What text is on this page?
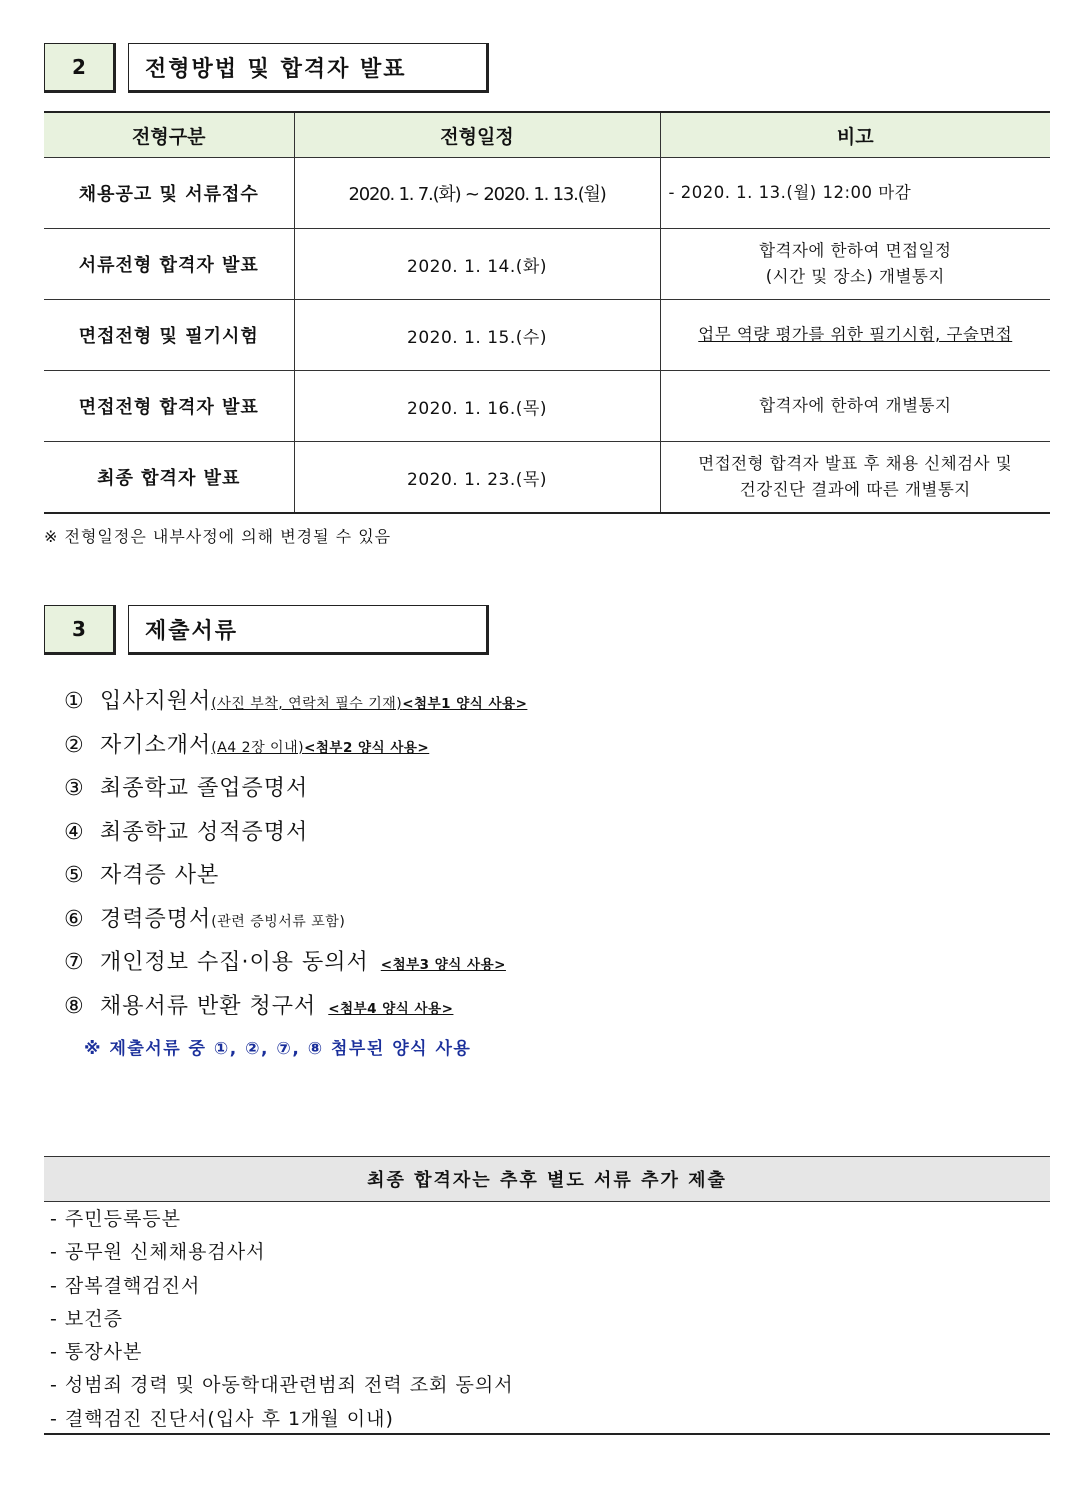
2	전형방법 및 합격자 발표
전형구분	전형일정	비고
채용공고 및 서류접수	2020. 1. 7.(화) ~ 2020. 1. 13.(월)	- 2020. 1. 13.(월) 12:00 마감
서류전형 합격자 발표	2020. 1. 14.(화)	합격자에 한하여 면접일정
(시간 및 장소) 개별통지

면접전형 및 필기시험	2020. 1. 15.(수)	업무 역량 평가를 위한 필기시험, 구술면접
면접전형 합격자 발표	2020. 1. 16.(목)	합격자에 한하여 개별통지
최종 합격자 발표	2020. 1. 23.(목)	면접전형 합격자 발표 후 채용 신체검사 및
건강진단 결과에 따른 개별통지
※ 전형일정은 내부사정에 의해 변경될 수 있음
3	제출서류
① 입사지원서 (사진 부착, 연락처 필수 기재) <첨부1 양식 사용>
② 자기소개서 (A4 2장 이내) <첨부2 양식 사용>
③ 최종학교 졸업증명서
④ 최종학교 성적증명서
⑤ 자격증 사본
⑥ 경력증명서 (관련 증빙서류 포함)
⑦ 개인정보 수집·이용 동의서 <첨부3 양식 사용>
⑧ 채용서류 반환 청구서 <첨부4 양식 사용>
※ 제출서류 중 ①, ②, ⑦, ⑧ 첨부된 양식 사용
최종 합격자는 추후 별도 서류 추가 제출
- 주민등록등본
- 공무원 신체채용검사서
- 잠복결핵검진서
- 보건증
- 통장사본
- 성범죄 경력 및 아동학대관련범죄 전력 조회 동의서
- 결핵검진 진단서(입사 후 1개월 이내)
